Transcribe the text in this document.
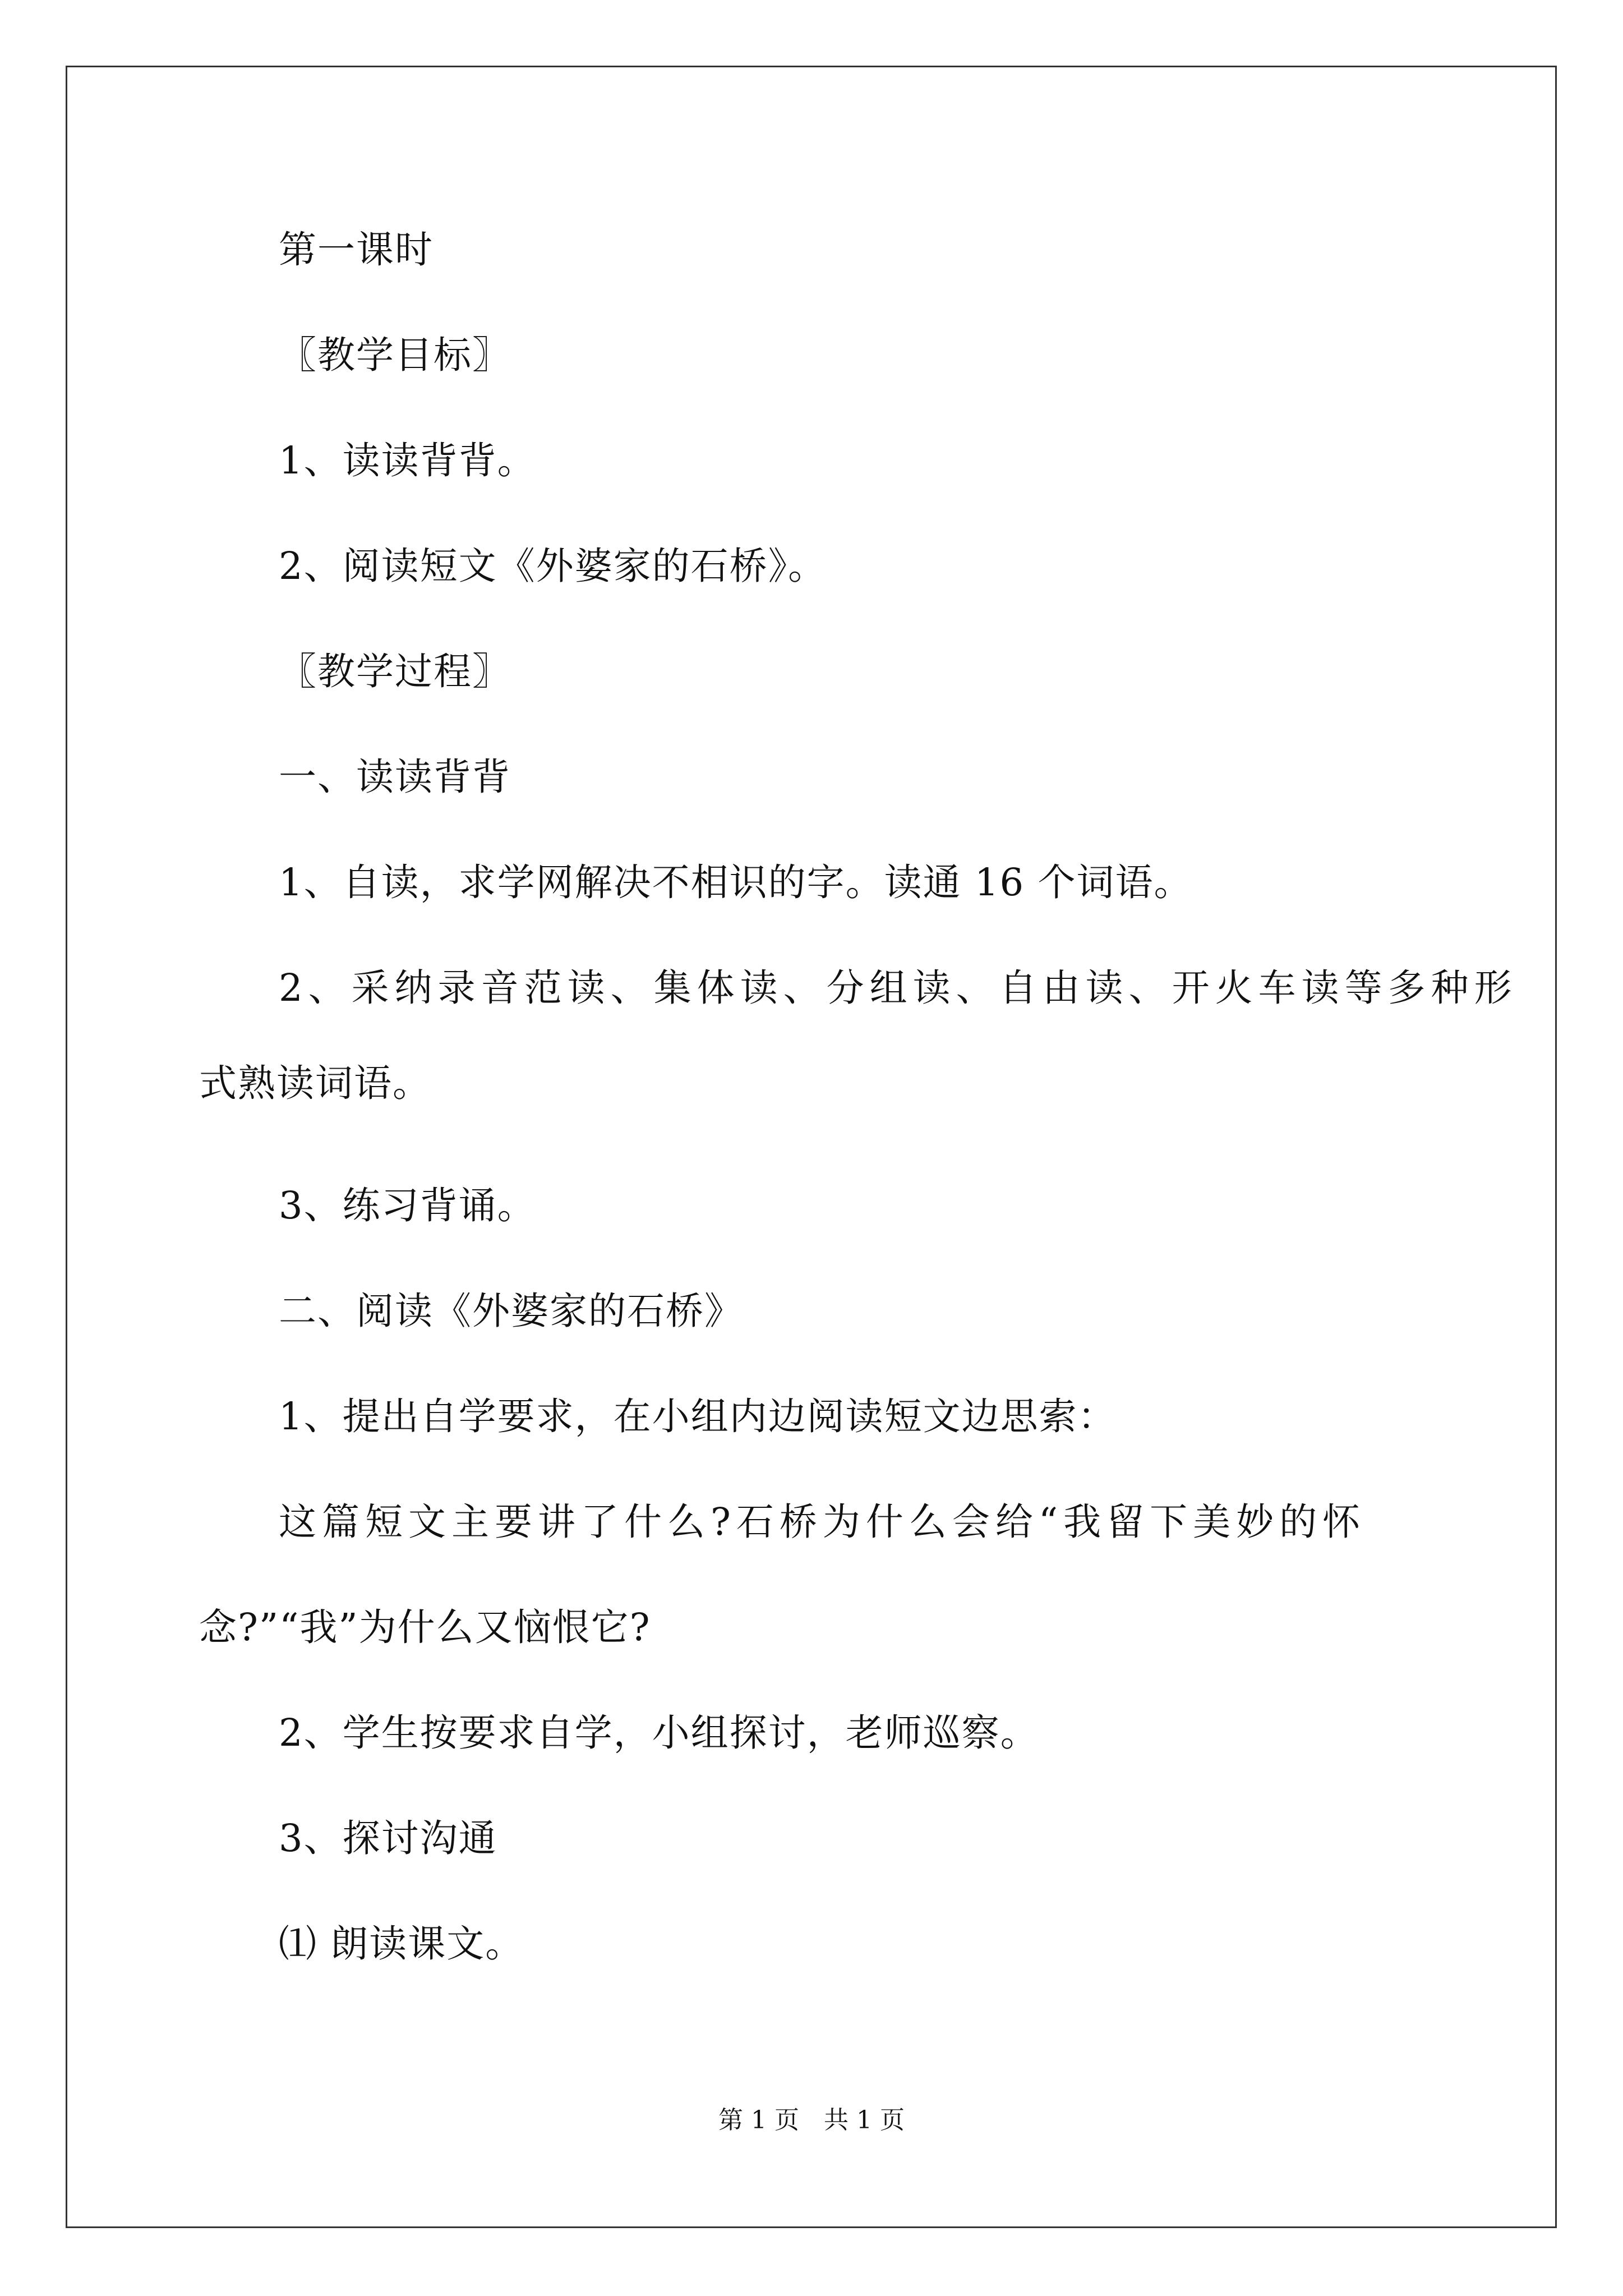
第一课时
〖教学目标〗
1、读读背背。
2、阅读短文《外婆家的石桥》。
〖教学过程〗
一、读读背背
1、自读，求学网解决不相识的字。读通 16 个词语。
2、采纳录音范读、集体读、分组读、自由读、开火车读等多种形
式熟读词语。
3、练习背诵。
二、阅读《外婆家的石桥》
1、提出自学要求，在小组内边阅读短文边思索：
这篇短文主要讲了什么?石桥为什么会给“我留下美妙的怀
念?”“我”为什么又恼恨它?
2、学生按要求自学，小组探讨，老师巡察。
3、探讨沟通
⑴ 朗读课文。
第 1 页　共 1 页
